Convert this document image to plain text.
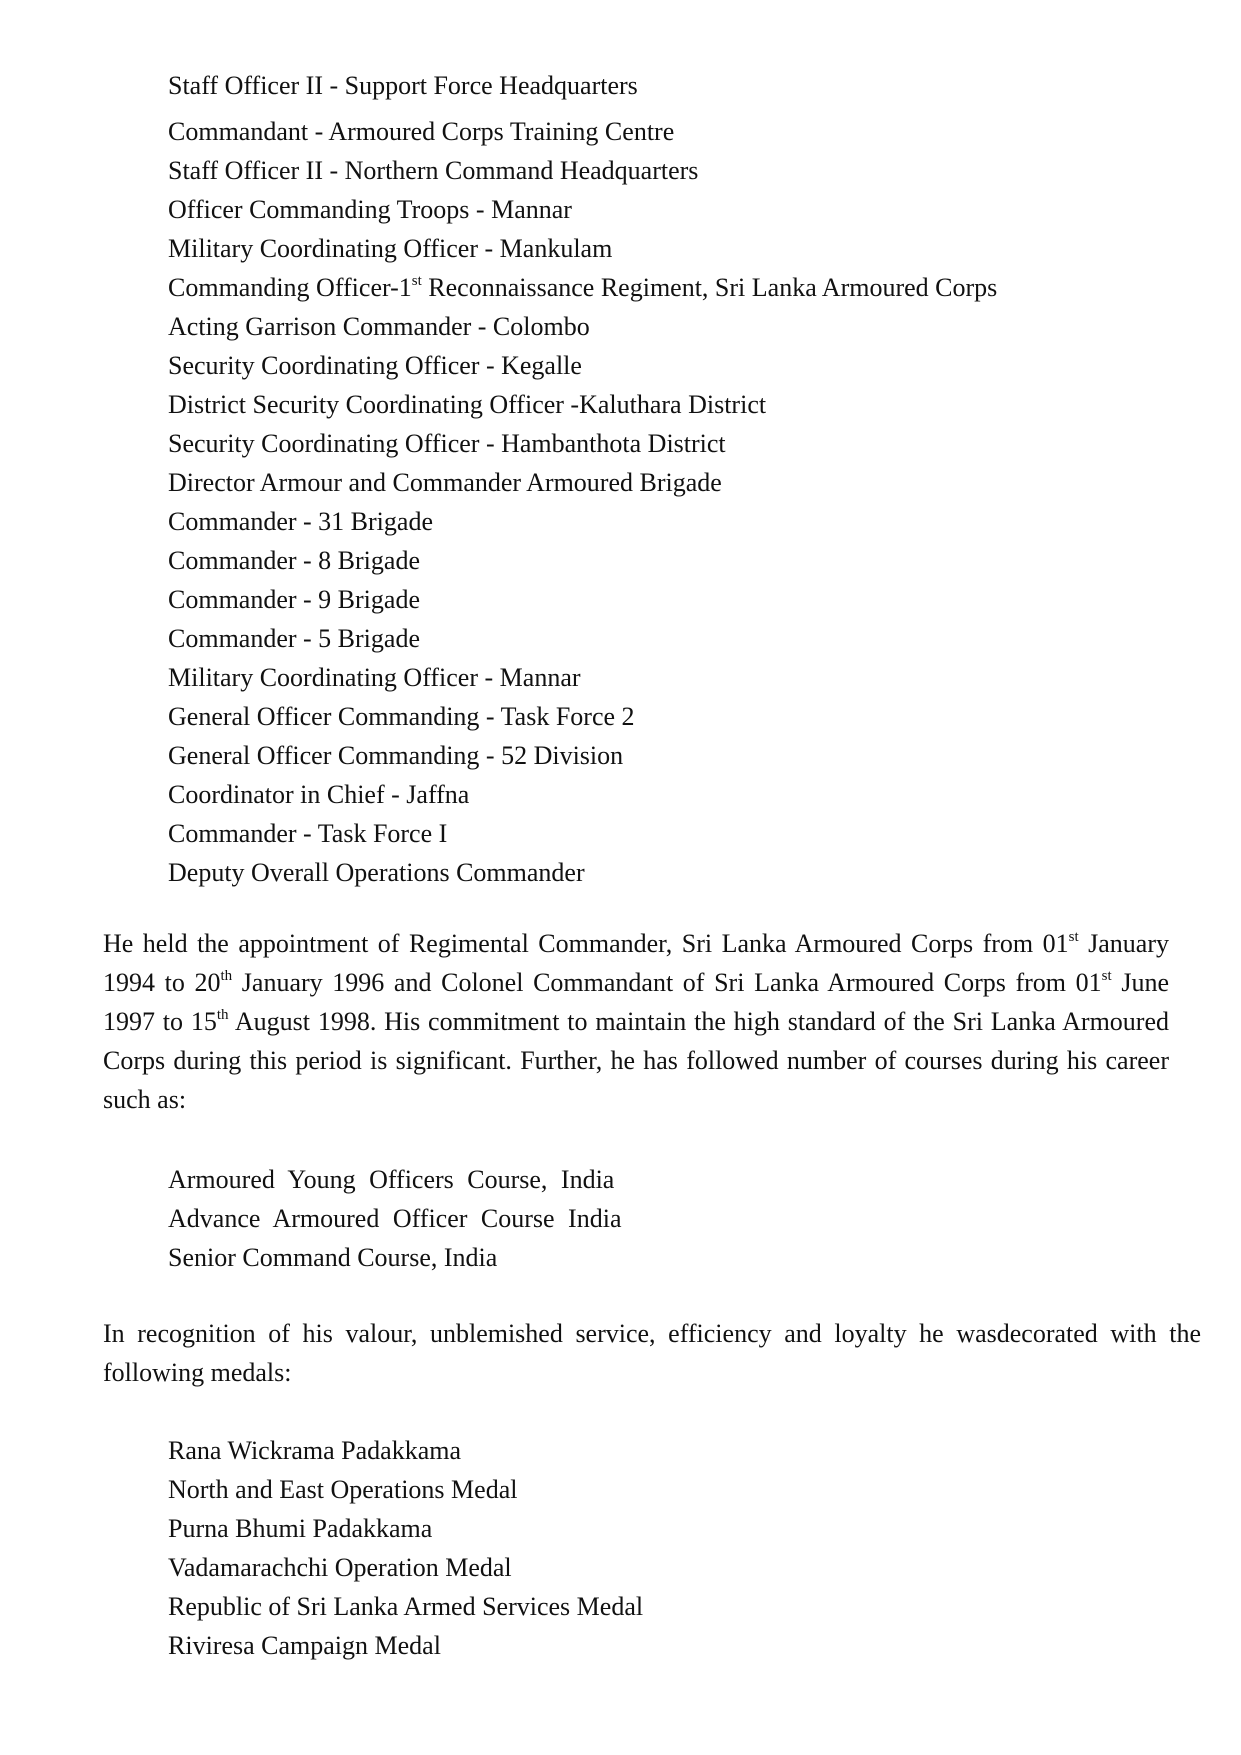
Staff Officer II - Support Force Headquarters
Commandant - Armoured Corps Training Centre
Staff Officer II - Northern Command Headquarters
Officer Commanding Troops - Mannar
Military Coordinating Officer - Mankulam
Commanding Officer-1st Reconnaissance Regiment, Sri Lanka Armoured Corps
Acting Garrison Commander - Colombo
Security Coordinating Officer - Kegalle
District Security Coordinating Officer -Kaluthara District
Security Coordinating Officer - Hambanthota District
Director Armour and Commander Armoured Brigade
Commander - 31 Brigade
Commander - 8 Brigade
Commander - 9 Brigade
Commander - 5 Brigade
Military Coordinating Officer - Mannar
General Officer Commanding - Task Force 2
General Officer Commanding - 52 Division
Coordinator in Chief - Jaffna
Commander - Task Force I
Deputy Overall Operations Commander

He held the appointment of Regimental Commander, Sri Lanka Armoured Corps from 01st January 1994 to 20th January 1996 and Colonel Commandant of Sri Lanka Armoured Corps from 01st June 1997 to 15th August 1998. His commitment to maintain the high standard of the Sri Lanka Armoured Corps during this period is significant. Further, he has followed number of courses during his career such as:

Armoured Young Officers Course, India
Advance Armoured Officer Course India
Senior Command Course, India

In recognition of his valour, unblemished service, efficiency and loyalty he wasdecorated with the following medals:

Rana Wickrama Padakkama
North and East Operations Medal
Purna Bhumi Padakkama
Vadamarachchi Operation Medal
Republic of Sri Lanka Armed Services Medal
Riviresa Campaign Medal
